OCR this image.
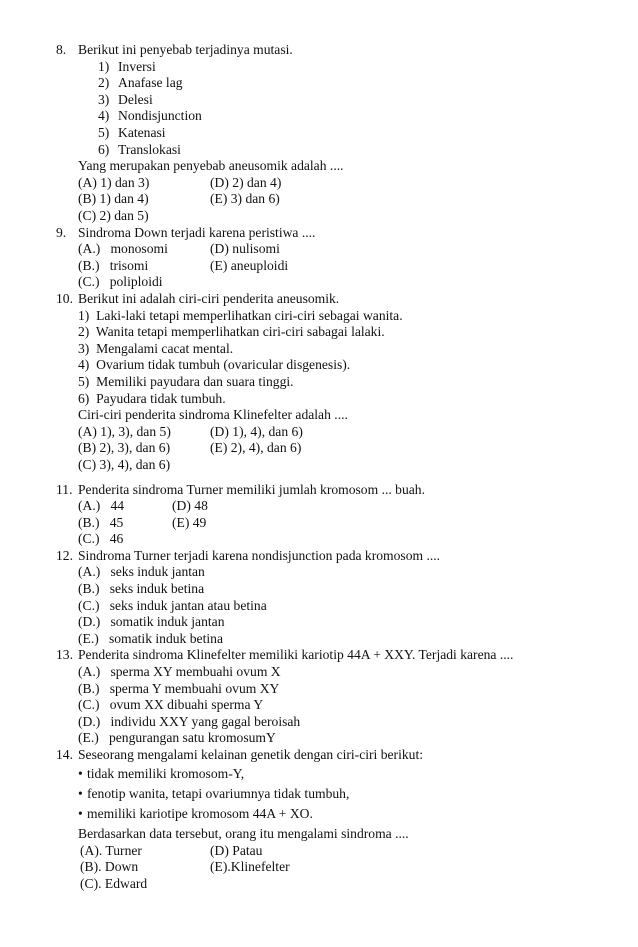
8. Berikut ini penyebab terjadinya mutasi.
1) Inversi
2) Anafase lag
3) Delesi
4) Nondisjunction
5) Katenasi
6) Translokasi
Yang merupakan penyebab aneusomik adalah ....
(A) 1) dan 3)	(D) 2) dan 4)
(B) 1) dan 4)	(E) 3) dan 6)
(C) 2) dan 5)
9. Sindroma Down terjadi karena peristiwa ....
(A.)   monosomi	(D) nulisomi
(B.)   trisomi	(E) aneuploidi
(C.)   poliploidi
10. Berikut ini adalah ciri-ciri penderita aneusomik.
1)  Laki-laki tetapi memperlihatkan ciri-ciri sebagai wanita.
2)  Wanita tetapi memperlihatkan ciri-ciri sabagai lalaki.
3)  Mengalami cacat mental.
4)  Ovarium tidak tumbuh (ovaricular disgenesis).
5)  Memiliki payudara dan suara tinggi.
6)  Payudara tidak tumbuh.
Ciri-ciri penderita sindroma Klinefelter adalah ....
(A) 1), 3), dan 5)	(D) 1), 4), dan 6)
(B) 2), 3), dan 6)	(E) 2), 4), dan 6)
(C) 3), 4), dan 6)
11. Penderita sindroma Turner memiliki jumlah kromosom ... buah.
(A.)   44	(D) 48
(B.)   45	(E) 49
(C.)   46
12. Sindroma Turner terjadi karena nondisjunction pada kromosom ....
(A.)   seks induk jantan
(B.)   seks induk betina
(C.)   seks induk jantan atau betina
(D.)   somatik induk jantan
(E.)   somatik induk betina
13. Penderita sindroma Klinefelter memiliki kariotip 44A + XXY. Terjadi karena ....
(A.)   sperma XY membuahi ovum X
(B.)   sperma Y membuahi ovum XY
(C.)   ovum XX dibuahi sperma Y
(D.)   individu XXY yang gagal beroisah
(E.)   pengurangan satu kromosumY
14. Seseorang mengalami kelainan genetik dengan ciri-ciri berikut:
• tidak memiliki kromosom-Y,
• fenotip wanita, tetapi ovariumnya tidak tumbuh,
• memiliki kariotipe kromosom 44A + XO.
Berdasarkan data tersebut, orang itu mengalami sindroma ....
(A). Turner	(D) Patau
(B). Down	(E).Klinefelter
(C). Edward
